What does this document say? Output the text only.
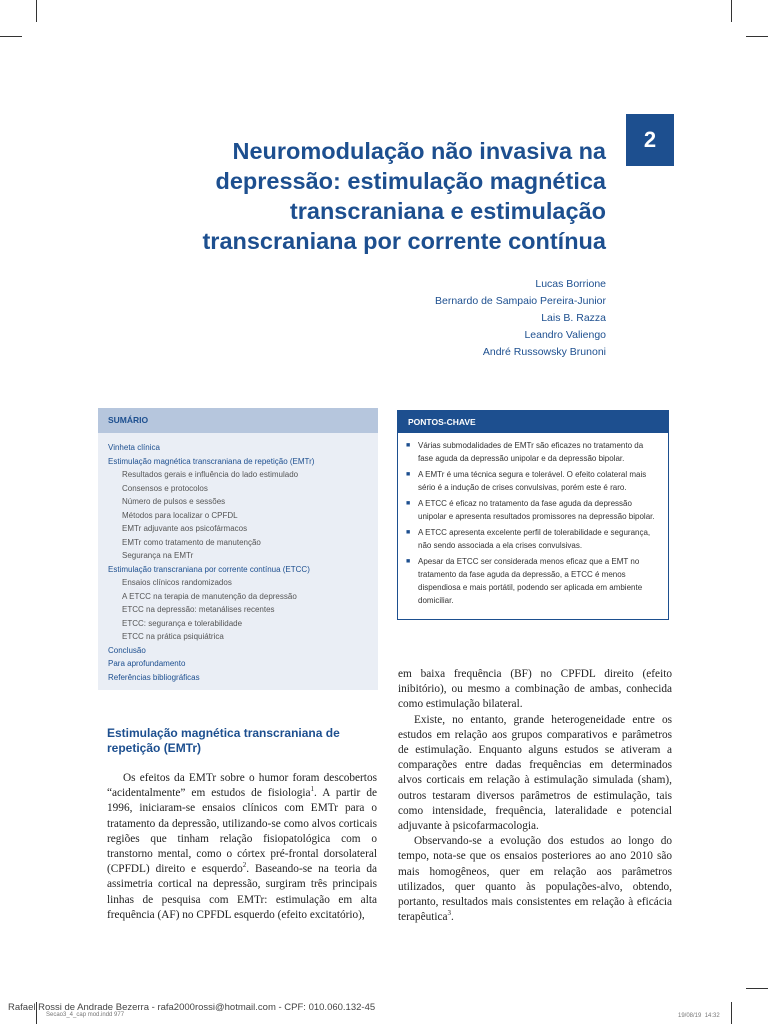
2
Neuromodulação não invasiva na
depressão: estimulação magnética
transcraniana e estimulação
transcraniana por corrente contínua
Lucas Borrione
Bernardo de Sampaio Pereira-Junior
Lais B. Razza
Leandro Valiengo
André Russowsky Brunoni
SUMÁRIO
Vinheta clínica
Estimulação magnética transcraniana de repetição (EMTr)
Resultados gerais e influência do lado estimulado
Consensos e protocolos
Número de pulsos e sessões
Métodos para localizar o CPFDL
EMTr adjuvante aos psicofármacos
EMTr como tratamento de manutenção
Segurança na EMTr
Estimulação transcraniana por corrente contínua (ETCC)
Ensaios clínicos randomizados
A ETCC na terapia de manutenção da depressão
ETCC na depressão: metanálises recentes
ETCC: segurança e tolerabilidade
ETCC na prática psiquiátrica
Conclusão
Para aprofundamento
Referências bibliográficas
PONTOS-CHAVE
■ Várias submodalidades de EMTr são eficazes no tratamento da fase aguda da depressão unipolar e da depressão bipolar.
■ A EMTr é uma técnica segura e tolerável. O efeito colateral mais sério é a indução de crises convulsivas, porém este é raro.
■ A ETCC é eficaz no tratamento da fase aguda da depressão unipolar e apresenta resultados promissores na depressão bipolar.
■ A ETCC apresenta excelente perfil de tolerabilidade e segurança, não sendo associada a ela crises convulsivas.
■ Apesar da ETCC ser considerada menos eficaz que a EMT no tratamento da fase aguda da depressão, a ETCC é menos dispendiosa e mais portátil, podendo ser aplicada em ambiente domiciliar.
Estimulação magnética transcraniana de repetição (EMTr)

Os efeitos da EMTr sobre o humor foram descobertos “acidentalmente” em estudos de fisiologia$^1$. A partir de 1996, iniciaram-se ensaios clínicos com EMTr para o tratamento da depressão, utilizando-se como alvos corticais regiões que tinham relação fisiopatológica com o transtorno mental, como o córtex pré-frontal dorsolateral (CPFDL) direito e esquerdo$^2$. Baseando-se na teoria da assimetria cortical na depressão, surgiram três principais linhas de pesquisa com EMTr: estimulação em alta frequência (AF) no CPFDL esquerdo (efeito excitatório),

em baixa frequência (BF) no CPFDL direito (efeito inibitório), ou mesmo a combinação de ambas, conhecida como estimulação bilateral.

Existe, no entanto, grande heterogeneidade entre os estudos em relação aos grupos comparativos e parâmetros de estimulação. Enquanto alguns estudos se ativeram a comparações entre dadas frequências em determinados alvos corticais em relação à estimulação simulada (sham), outros testaram diversos parâmetros de estimulação, tais como intensidade, frequência, lateralidade e potencial adjuvante à psicofarmacologia.

Observando-se a evolução dos estudos ao longo do tempo, nota-se que os ensaios posteriores ao ano 2010 são mais homogêneos, quer em relação aos parâmetros utilizados, quer quanto às populações-alvo, obtendo, portanto, resultados mais consistentes em relação à eficácia terapêutica$^3$.

Rafael Rossi de Andrade Bezerra - rafa2000rossi@hotmail.com - CPF: 010.060.132-45
Secao3_4_cap mod.indd 977	19/08/19 14:32
